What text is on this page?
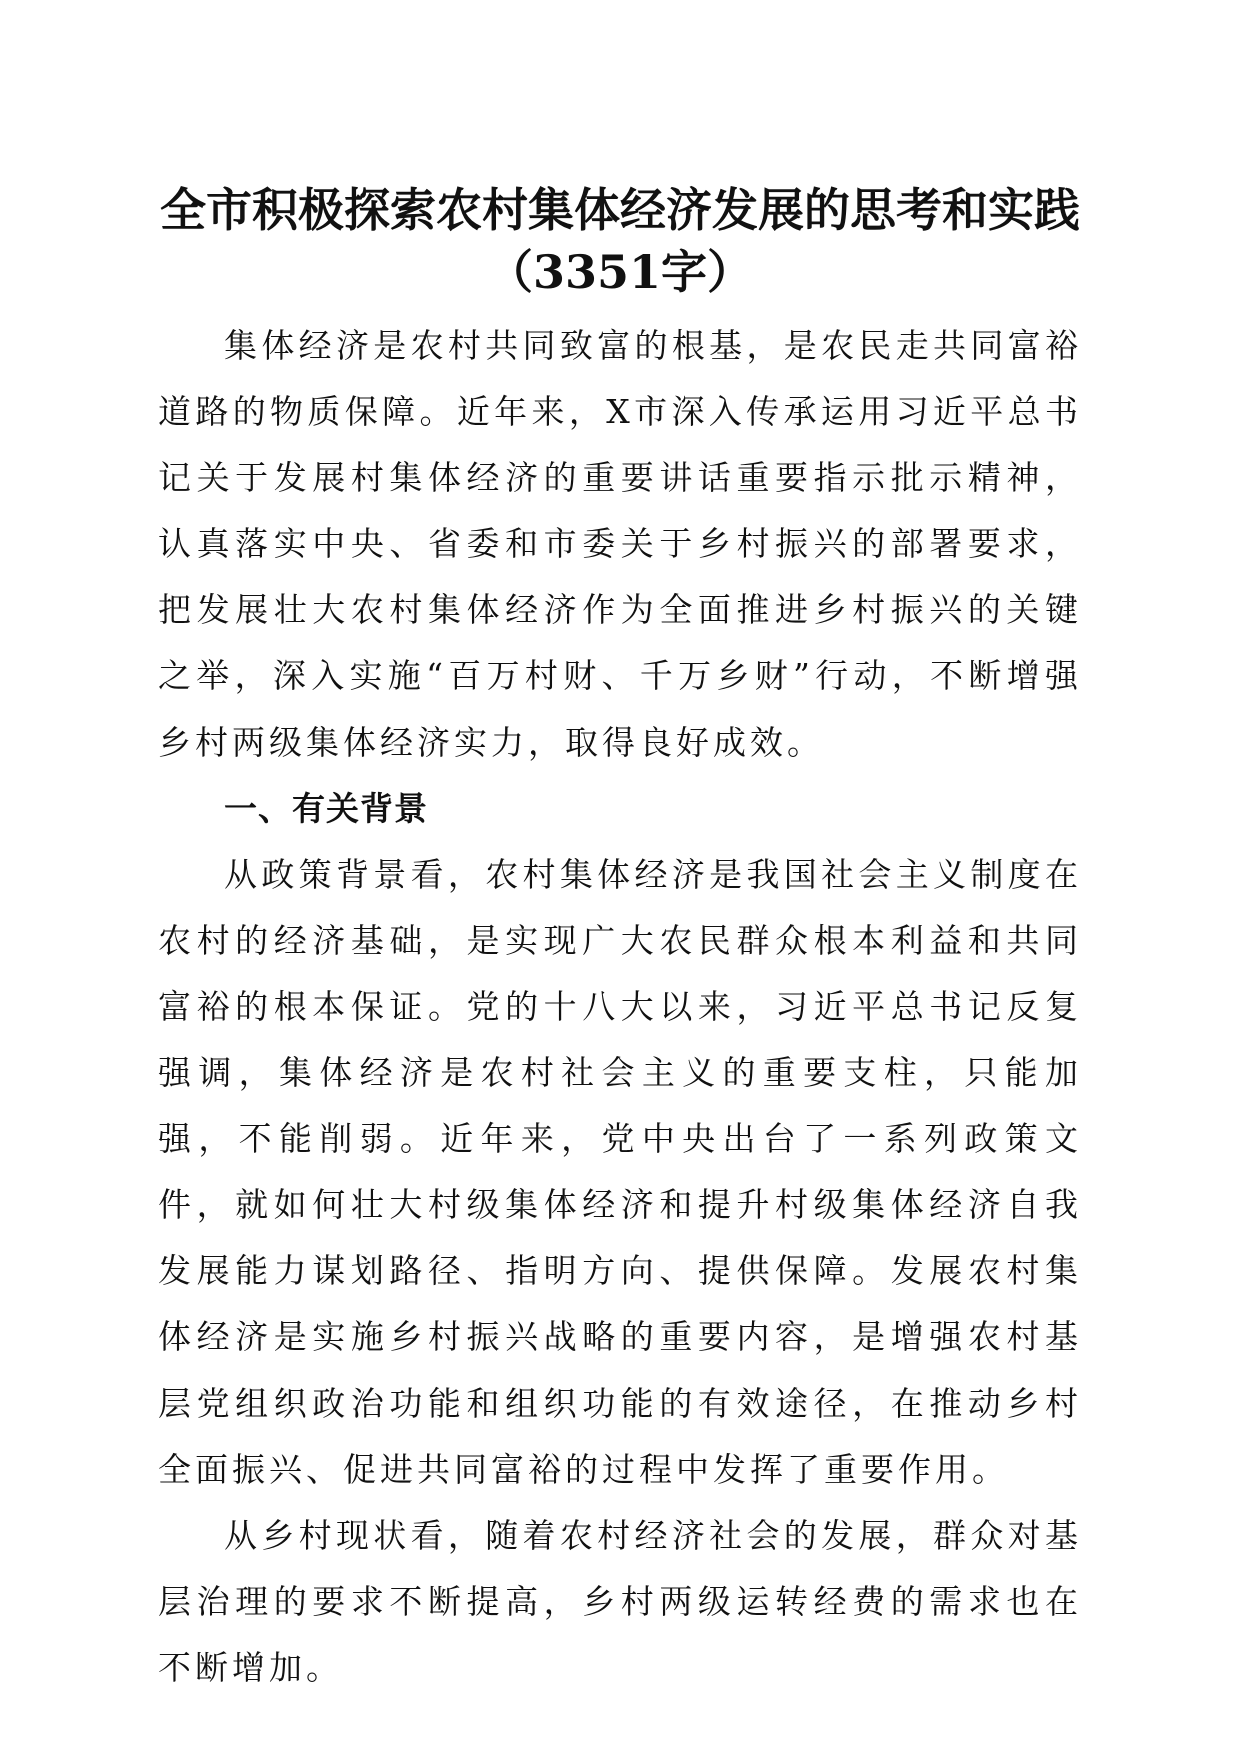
全市积极探索农村集体经济发展的思考和实践
（3351字）

集体经济是农村共同致富的根基，是农民走共同富裕道路的物质保障。近年来，X市深入传承运用习近平总书记关于发展村集体经济的重要讲话重要指示批示精神，认真落实中央、省委和市委关于乡村振兴的部署要求，把发展壮大农村集体经济作为全面推进乡村振兴的关键之举，深入实施“百万村财、千万乡财”行动，不断增强乡村两级集体经济实力，取得良好成效。

一、有关背景

从政策背景看，农村集体经济是我国社会主义制度在农村的经济基础，是实现广大农民群众根本利益和共同富裕的根本保证。党的十八大以来，习近平总书记反复强调，集体经济是农村社会主义的重要支柱，只能加强，不能削弱。近年来，党中央出台了一系列政策文件，就如何壮大村级集体经济和提升村级集体经济自我发展能力谋划路径、指明方向、提供保障。发展农村集体经济是实施乡村振兴战略的重要内容，是增强农村基层党组织政治功能和组织功能的有效途径，在推动乡村全面振兴、促进共同富裕的过程中发挥了重要作用。

从乡村现状看，随着农村经济社会的发展，群众对基层治理的要求不断提高，乡村两级运转经费的需求也在不断增加。
